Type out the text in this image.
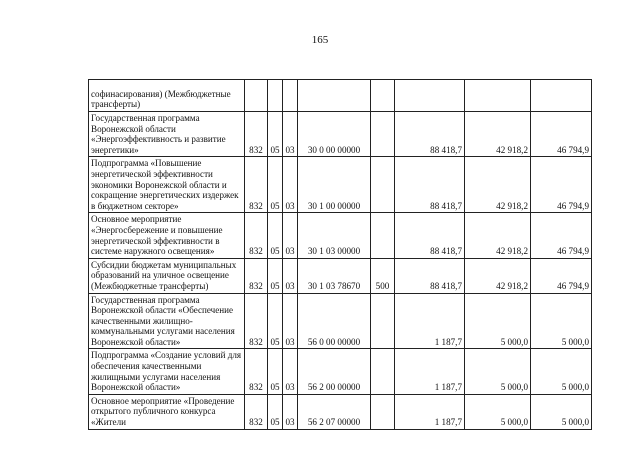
165
софинасирования) (Межбюджетные трансферты)								
Государственная программа Воронежской области «Энергоэффективность и развитие энергетики»	832	05	03	30 0 00 00000		88 418,7	42 918,2	46 794,9
Подпрограмма «Повышение энергетической эффективности экономики Воронежской области и сокращение энергетических издержек в бюджетном секторе»	832	05	03	30 1 00 00000		88 418,7	42 918,2	46 794,9
Основное мероприятие «Энергосбережение и повышение энергетической эффективности в системе наружного освещения»	832	05	03	30 1 03 00000		88 418,7	42 918,2	46 794,9
Субсидии бюджетам муниципальных образований на уличное освещение (Межбюджетные трансферты)	832	05	03	30 1 03 78670	500	88 418,7	42 918,2	46 794,9
Государственная программа Воронежской области «Обеспечение качественными жилищно-коммунальными услугами населения Воронежской области»	832	05	03	56 0 00 00000		1 187,7	5 000,0	5 000,0
Подпрограмма «Создание условий для обеспечения качественными жилищными услугами населения Воронежской области»	832	05	03	56 2 00 00000		1 187,7	5 000,0	5 000,0
Основное мероприятие «Проведение открытого публичного конкурса «Жители	832	05	03	56 2 07 00000		1 187,7	5 000,0	5 000,0
